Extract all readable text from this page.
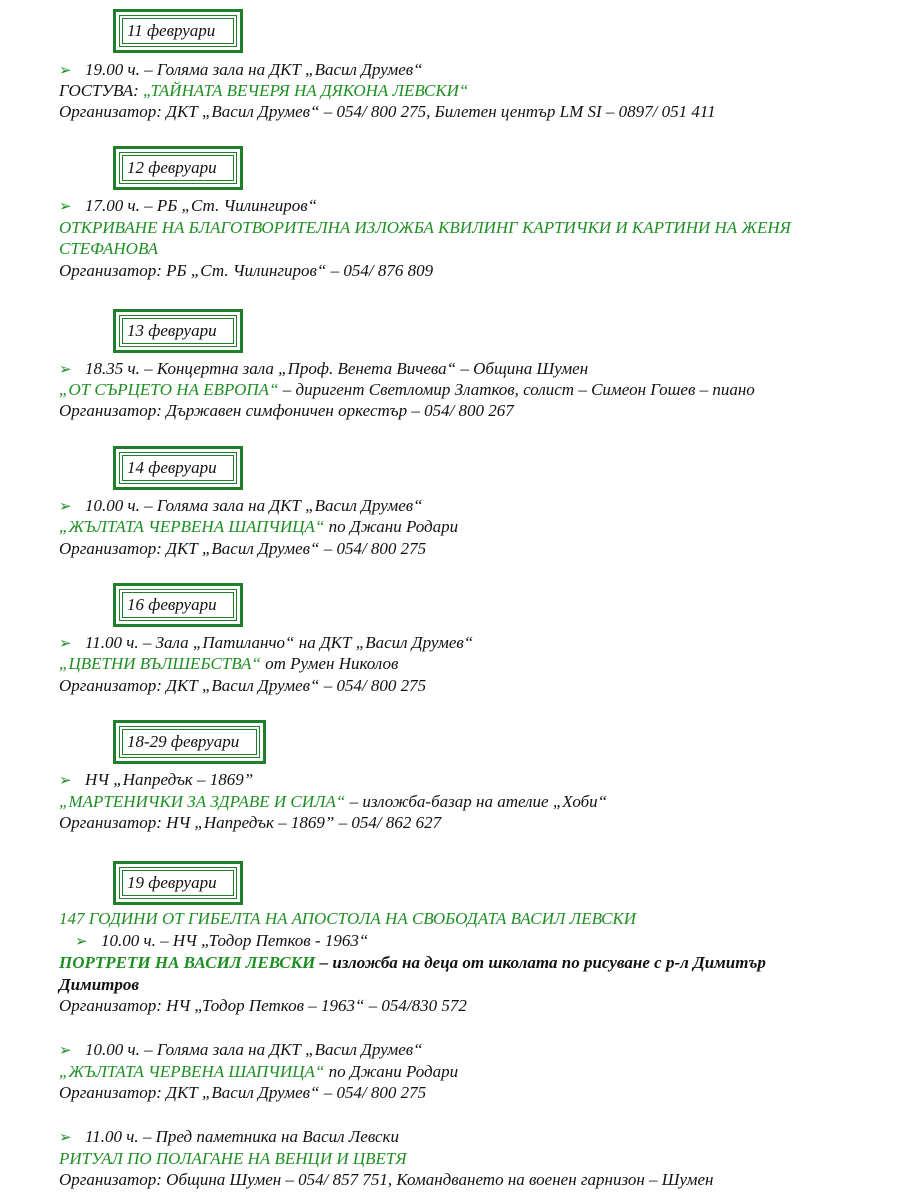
11 февруари
12 февруари
13 февруари
14 февруари
16 февруари
18-29 февруари
19 февруари
➢ 19.00 ч. – Голяма зала на ДКТ „Васил Друмев“
ГОСТУВА: „ТАЙНАТА ВЕЧЕРЯ НА ДЯКОНА ЛЕВСКИ“
Организатор: ДКТ „Васил Друмев“ – 054/ 800 275, Билетен център LM SI – 0897/ 051 411
➢ 17.00 ч. – РБ „Ст. Чилингиров“
ОТКРИВАНЕ НА БЛАГОТВОРИТЕЛНА ИЗЛОЖБА КВИЛИНГ КАРТИЧКИ И КАРТИНИ НА ЖЕНЯ
СТЕФАНОВА
Организатор: РБ „Ст. Чилингиров“ – 054/ 876 809
➢ 18.35 ч. – Концертна зала „Проф. Венета Вичева“ – Община Шумен
„ОТ СЪРЦЕТО НА ЕВРОПА“ – диригент Светломир Златков, солист – Симеон Гошев – пиано
Организатор: Държавен симфоничен оркестър – 054/ 800 267
➢ 10.00 ч. – Голяма зала на ДКТ „Васил Друмев“
„ЖЪЛТАТА ЧЕРВЕНА ШАПЧИЦА“ по Джани Родари
Организатор: ДКТ „Васил Друмев“ – 054/ 800 275
➢ 11.00 ч. – Зала „Патиланчо“ на ДКТ „Васил Друмев“
„ЦВЕТНИ ВЪЛШЕБСТВА“ от Румен Николов
Организатор: ДКТ „Васил Друмев“ – 054/ 800 275
➢ НЧ „Напредък – 1869”
„МАРТЕНИЧКИ ЗА ЗДРАВЕ И СИЛА“ – изложба-базар на ателие „Хоби“
Организатор: НЧ „Напредък – 1869” – 054/ 862 627
147 ГОДИНИ ОТ ГИБЕЛТА НА АПОСТОЛА НА СВОБОДАТА ВАСИЛ ЛЕВСКИ
➢ 10.00 ч. – НЧ „Тодор Петков - 1963“
ПОРТРЕТИ НА ВАСИЛ ЛЕВСКИ – изложба на деца от школата по рисуване с р-л Димитър
Димитров
Организатор: НЧ „Тодор Петков – 1963“ – 054/830 572
➢ 10.00 ч. – Голяма зала на ДКТ „Васил Друмев“
„ЖЪЛТАТА ЧЕРВЕНА ШАПЧИЦА“ по Джани Родари
Организатор: ДКТ „Васил Друмев“ – 054/ 800 275
➢ 11.00 ч. – Пред паметника на Васил Левски
РИТУАЛ ПО ПОЛАГАНЕ НА ВЕНЦИ И ЦВЕТЯ
Организатор: Община Шумен – 054/ 857 751, Командването на военен гарнизон – Шумен
